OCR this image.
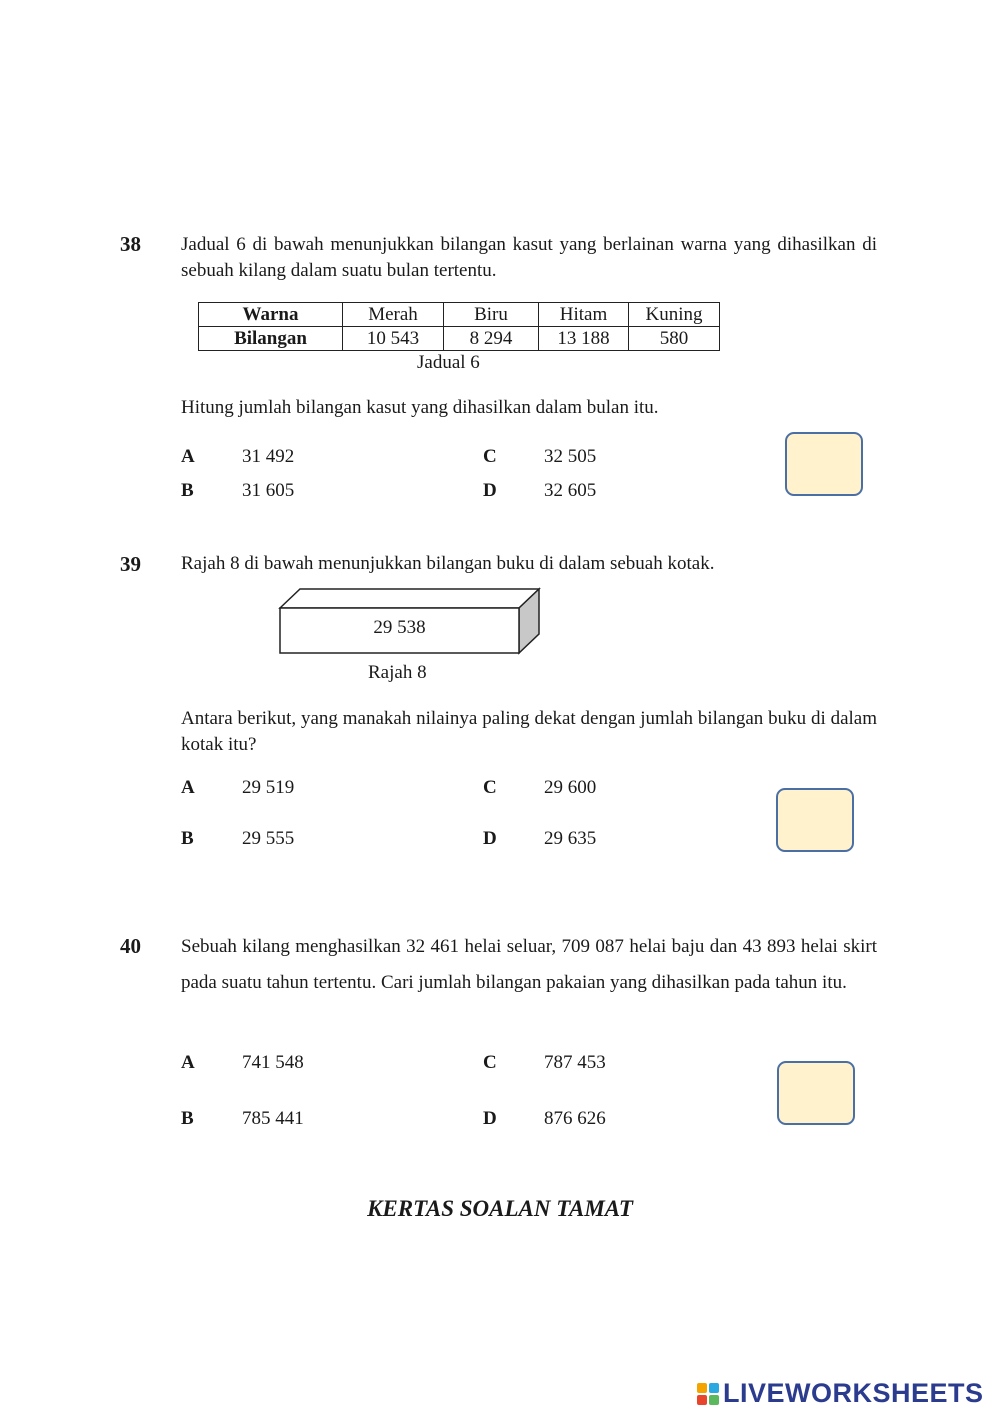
38 Jadual 6 di bawah menunjukkan bilangan kasut yang berlainan warna yang dihasilkan di sebuah kilang dalam suatu bulan tertentu.
Warna	Merah	Biru	Hitam	Kuning
Bilangan	10 543	8 294	13 188	580
Jadual 6
Hitung jumlah bilangan kasut yang dihasilkan dalam bulan itu.
A 31 492
B	31 605
C 32 505
D 32 605
39 Rajah 8 di bawah menunjukkan bilangan buku di dalam sebuah kotak.
29 538
Rajah 8
Antara berikut, yang manakah nilainya paling dekat dengan jumlah bilangan buku di dalam kotak itu?
A 29 519
B	29 555
C 29 600
D 29 635
40 Sebuah kilang menghasilkan 32 461 helai seluar, 709 087 helai baju dan 43 893 helai skirt pada suatu tahun tertentu. Cari jumlah bilangan pakaian yang dihasilkan pada tahun itu.
A 741 548
B	785 441
C 787 453
D 876 626
KERTAS SOALAN TAMAT
LIVEWORKSHEETS
